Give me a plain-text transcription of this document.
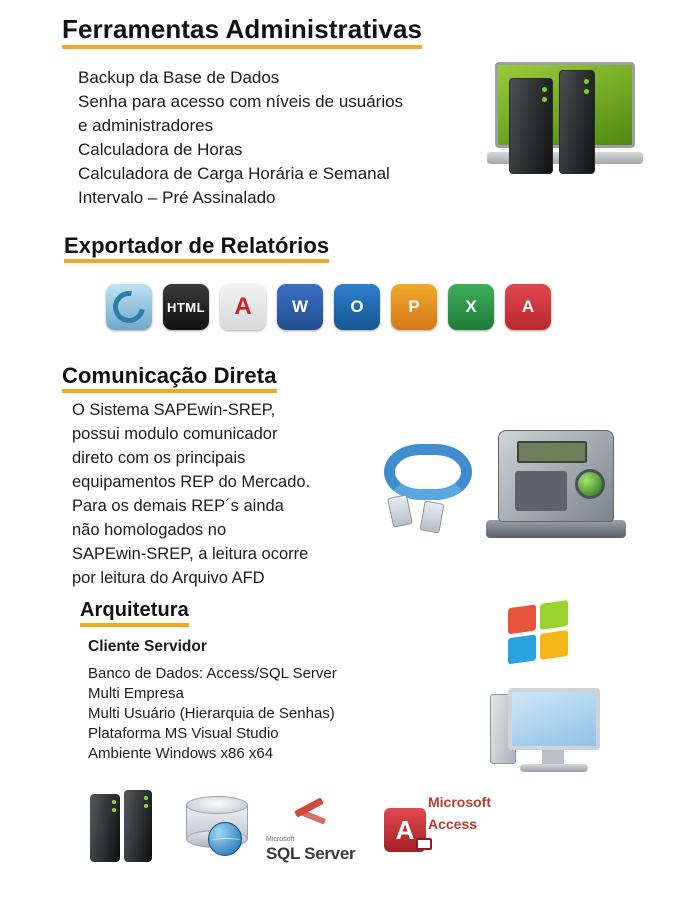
Ferramentas Administrativas
Backup da Base de Dados
Senha para acesso com níveis de usuários
e administradores
Calculadora de Horas
Calculadora de Carga Horária e Semanal
Intervalo – Pré Assinalado
Exportador de Relatórios
HTML A W O	P	X	A
Comunicação Direta
O Sistema SAPEwin-SREP,
possui modulo comunicador
direto com os principais
equipamentos REP do Mercado.
Para os demais REP´s ainda
não homologados no
SAPEwin-SREP, a leitura ocorre
por leitura do Arquivo AFD
Arquitetura
Cliente Servidor
Banco de Dados: Access/SQL Server
Multi Empresa
Multi Usuário (Hierarquia de Senhas)
Plataforma MS Visual Studio
Ambiente Windows x86 x64
Microsoft
SQL Server
Microsoft
Access
A
